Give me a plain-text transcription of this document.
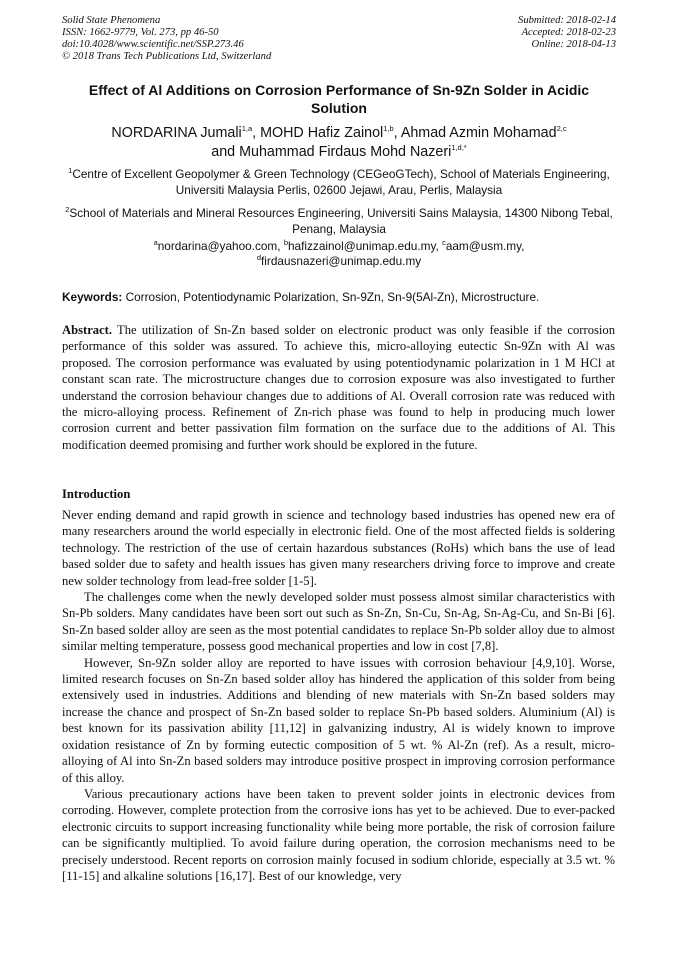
Solid State Phenomena
ISSN: 1662-9779, Vol. 273, pp 46-50
doi:10.4028/www.scientific.net/SSP.273.46
© 2018 Trans Tech Publications Ltd, Switzerland
Submitted: 2018-02-14
Accepted: 2018-02-23
Online: 2018-04-13
Effect of Al Additions on Corrosion Performance of Sn-9Zn Solder in Acidic Solution
NORDARINA Jumali$^{1,a}$, MOHD Hafiz Zainol$^{1,b}$, Ahmad Azmin Mohamad$^{2,c}$
and Muhammad Firdaus Mohd Nazeri$^{1,d,*}$
$^1$Centre of Excellent Geopolymer & Green Technology (CEGeoGTech), School of Materials Engineering, Universiti Malaysia Perlis, 02600 Jejawi, Arau, Perlis, Malaysia
$^2$School of Materials and Mineral Resources Engineering, Universiti Sains Malaysia, 14300 Nibong Tebal, Penang, Malaysia
$^a$nordarina@yahoo.com, $^b$hafizzainol@unimap.edu.my, $^c$aam@usm.my,
$^d$firdausnazeri@unimap.edu.my
Keywords: Corrosion, Potentiodynamic Polarization, Sn-9Zn, Sn-9(5Al-Zn), Microstructure.
Abstract. The utilization of Sn-Zn based solder on electronic product was only feasible if the corrosion performance of this solder was assured. To achieve this, micro-alloying eutectic Sn-9Zn with Al was proposed. The corrosion performance was evaluated by using potentiodynamic polarization in 1 M HCl at constant scan rate. The microstructure changes due to corrosion exposure was also investigated to further understand the corrosion behaviour changes due to additions of Al. Overall corrosion rate was reduced with the micro-alloying process. Refinement of Zn-rich phase was found to help in producing much lower corrosion current and better passivation film formation on the surface due to the additions of Al. This modification deemed promising and further work should be explored in the future.
Introduction

Never ending demand and rapid growth in science and technology based industries has opened new era of many researchers around the world especially in electronic field. One of the most affected fields is soldering technology. The restriction of the use of certain hazardous substances (RoHs) which bans the use of lead based solder due to safety and health issues has given many researchers driving force to improve and create new solder technology from lead-free solder [1-5].

The challenges come when the newly developed solder must possess almost similar characteristics with Sn-Pb solders. Many candidates have been sort out such as Sn-Zn, Sn-Cu, Sn-Ag, Sn-Ag-Cu, and Sn-Bi [6]. Sn-Zn based solder alloy are seen as the most potential candidates to replace Sn-Pb solder alloy due to almost similar melting temperature, possess good mechanical properties and low in cost [7,8].

However, Sn-9Zn solder alloy are reported to have issues with corrosion behaviour [4,9,10]. Worse, limited research focuses on Sn-Zn based solder alloy has hindered the application of this solder from being extensively used in industries. Additions and blending of new materials with Sn-Zn based solders may increase the chance and prospect of Sn-Zn based solder to replace Sn-Pb based solders. Aluminium (Al) is best known for its passivation ability [11,12] in galvanizing industry, Al is widely known to improve oxidation resistance of Zn by forming eutectic composition of 5 wt. % Al-Zn (ref). As a result, micro-alloying of Al into Sn-Zn based solders may introduce positive prospect in improving corrosion performance of this alloy.

Various precautionary actions have been taken to prevent solder joints in electronic devices from corroding. However, complete protection from the corrosive ions has yet to be achieved. Due to ever-packed electronic circuits to support increasing functionality while being more portable, the risk of corrosion failure can be significantly multiplied. To avoid failure during operation, the corrosion mechanisms need to be precisely understood. Recent reports on corrosion mainly focused in sodium chloride, especially at 3.5 wt. % [11-15] and alkaline solutions [16,17]. Best of our knowledge, very
